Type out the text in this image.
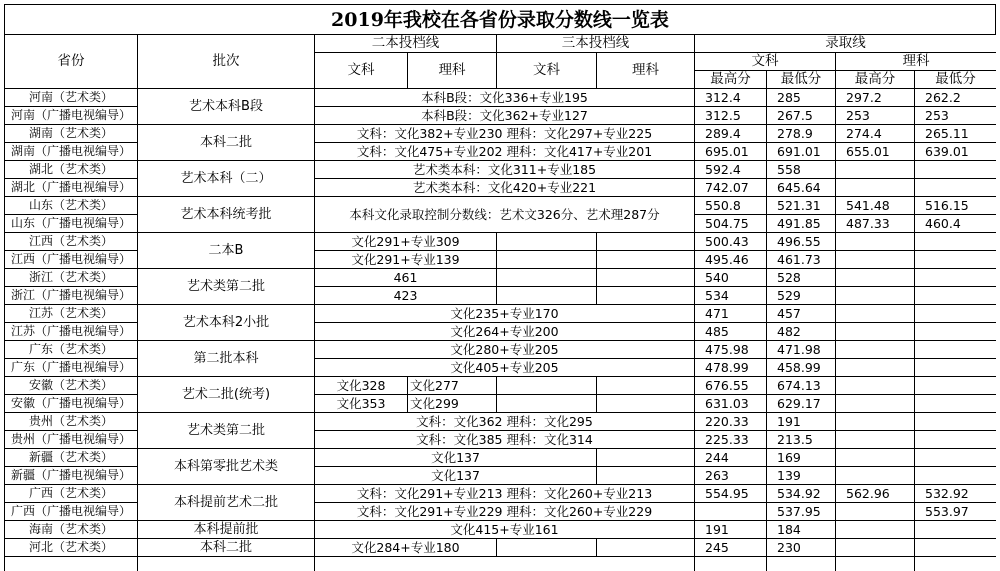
2019年我校在各省份录取分数线一览表
省份	批次	二本投档线		三本投档线		录取线			
		文科	理科	文科	理科	文科		理科	
						最高分	最低分	最高分	最低分
河南（艺术类）	艺术本科B段	本科B段：文化336+专业195				312.4	285	297.2	262.2
河南（广播电视编导）		本科B段：文化362+专业127				312.5	267.5	253	253
湖南（艺术类）	本科二批	文科：文化382+专业230 理科：文化297+专业225				289.4	278.9	274.4	265.11
湖南（广播电视编导）		文科：文化475+专业202 理科：文化417+专业201				695.01	691.01	655.01	639.01
湖北（艺术类）	艺术本科（二）	艺术类本科：文化311+专业185				592.4	558		
湖北（广播电视编导）		艺术类本科：文化420+专业221				742.07	645.64		
山东（艺术类）	艺术本科统考批	本科文化录取控制分数线：艺术文326分、艺术理287分				550.8	521.31	541.48	516.15
山东（广播电视编导）						504.75	491.85	487.33	460.4
江西（艺术类）	二本B	文化291+专业309				500.43	496.55		
江西（广播电视编导）		文化291+专业139				495.46	461.73		
浙江（艺术类）	艺术类第二批	461				540	528		
浙江（广播电视编导）		423				534	529		
江苏（艺术类）	艺术本科2小批	文化235+专业170				471	457		
江苏（广播电视编导）		文化264+专业200				485	482		
广东（艺术类）	第二批本科	文化280+专业205				475.98	471.98		
广东（广播电视编导）		文化405+专业205				478.99	458.99		
安徽（艺术类）	艺术二批(统考)	文化328	文化277			676.55	674.13		
安徽（广播电视编导）		文化353	文化299			631.03	629.17		
贵州（艺术类）	艺术类第二批	文科：文化362 理科：文化295				220.33	191		
贵州（广播电视编导）		文科：文化385 理科：文化314				225.33	213.5		
新疆（艺术类）	本科第零批艺术类	文化137				244	169		
新疆（广播电视编导）		文化137				263	139		
广西（艺术类）	本科提前艺术二批	文科：文化291+专业213 理科：文化260+专业213				554.95	534.92	562.96	532.92
广西（广播电视编导）		文科：文化291+专业229 理科：文化260+专业229					537.95		553.97
海南（艺术类）	本科提前批	文化415+专业161				191	184		
河北（艺术类）	本科二批	文化284+专业180				245	230		
